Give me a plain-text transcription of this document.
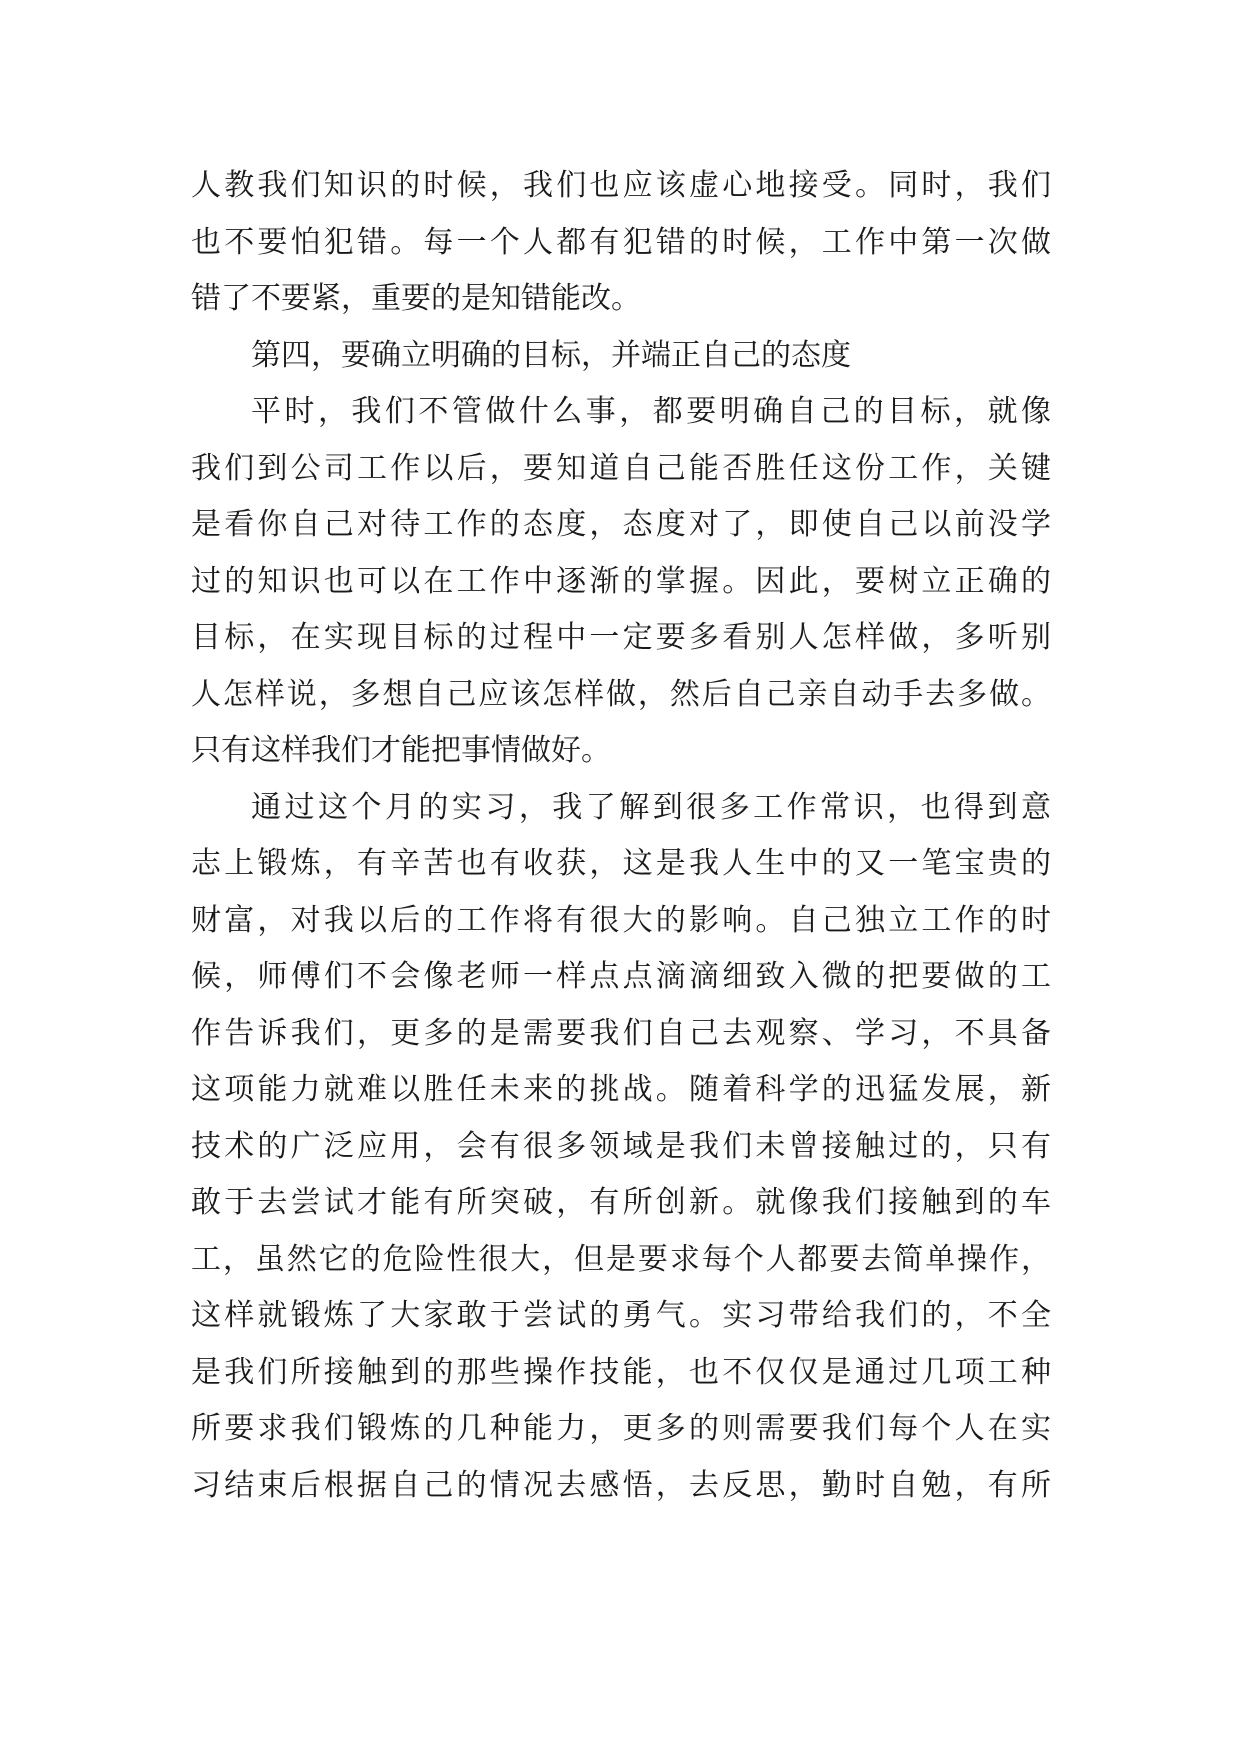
人教我们知识的时候，我们也应该虚心地接受。同时，我们
也不要怕犯错。每一个人都有犯错的时候，工作中第一次做
错了不要紧，重要的是知错能改。
第四，要确立明确的目标，并端正自己的态度
平时，我们不管做什么事，都要明确自己的目标，就像
我们到公司工作以后，要知道自己能否胜任这份工作，关键
是看你自己对待工作的态度，态度对了，即使自己以前没学
过的知识也可以在工作中逐渐的掌握。因此，要树立正确的
目标，在实现目标的过程中一定要多看别人怎样做，多听别
人怎样说，多想自己应该怎样做，然后自己亲自动手去多做。
只有这样我们才能把事情做好。
通过这个月的实习，我了解到很多工作常识，也得到意
志上锻炼，有辛苦也有收获，这是我人生中的又一笔宝贵的
财富，对我以后的工作将有很大的影响。自己独立工作的时
候，师傅们不会像老师一样点点滴滴细致入微的把要做的工
作告诉我们，更多的是需要我们自己去观察、学习，不具备
这项能力就难以胜任未来的挑战。随着科学的迅猛发展，新
技术的广泛应用，会有很多领域是我们未曾接触过的，只有
敢于去尝试才能有所突破，有所创新。就像我们接触到的车
工，虽然它的危险性很大，但是要求每个人都要去简单操作，
这样就锻炼了大家敢于尝试的勇气。实习带给我们的，不全
是我们所接触到的那些操作技能，也不仅仅是通过几项工种
所要求我们锻炼的几种能力，更多的则需要我们每个人在实
习结束后根据自己的情况去感悟，去反思，勤时自勉，有所
